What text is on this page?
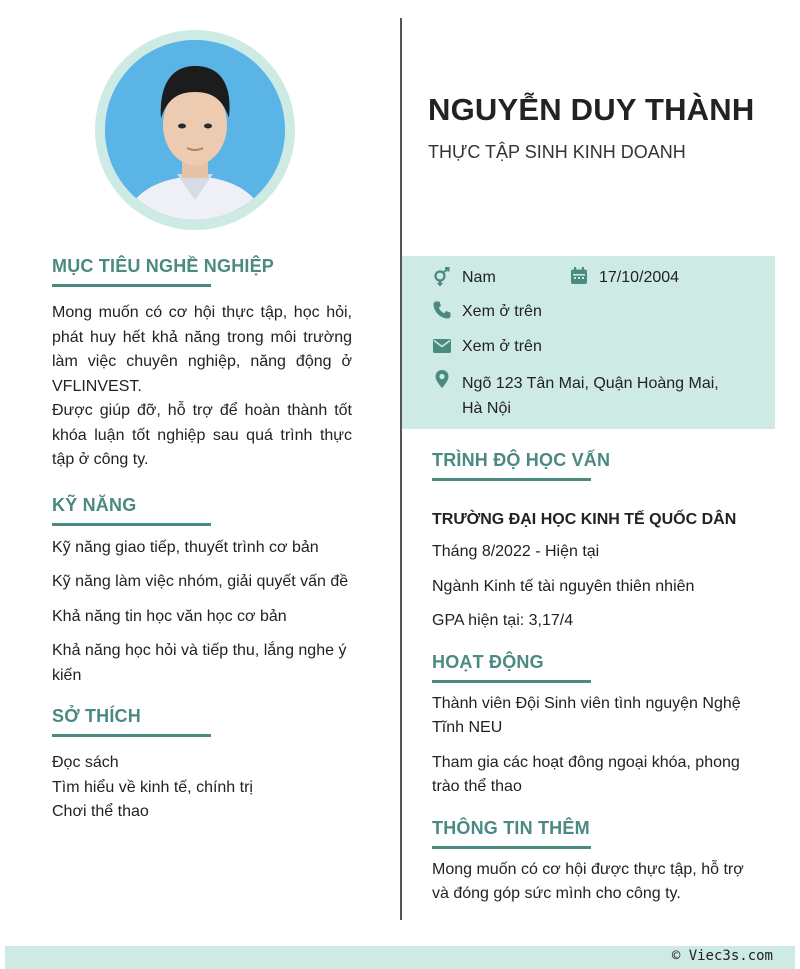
MỤC TIÊU NGHỀ NGHIỆP
Mong muốn có cơ hội thực tập, học hỏi, phát huy hết khả năng trong môi trường làm việc chuyên nghiệp, năng động ở VFLINVEST.
Được giúp đỡ, hỗ trợ để hoàn thành tốt khóa luận tốt nghiệp sau quá trình thực tập ở công ty.
KỸ NĂNG
Kỹ năng giao tiếp, thuyết trình cơ bản
Kỹ năng làm việc nhóm, giải quyết vấn đề
Khả năng tin học văn học cơ bản
Khả năng học hỏi và tiếp thu, lắng nghe ý kiến
SỞ THÍCH
Đọc sách
Tìm hiểu về kinh tế, chính trị
Chơi thể thao
NGUYỄN DUY THÀNH
THỰC TẬP SINH KINH DOANH
Nam	17/10/2004
Xem ở trên
Xem ở trên
Ngõ 123 Tân Mai, Quận Hoàng Mai,
Hà Nội
TRÌNH ĐỘ HỌC VẤN
TRƯỜNG ĐẠI HỌC KINH TẾ QUỐC DÂN
Tháng 8/2022 - Hiện tại
Ngành Kinh tế tài nguyên thiên nhiên
GPA hiện tại: 3,17/4
HOẠT ĐỘNG
Thành viên Đội Sinh viên tình nguyện Nghệ Tĩnh NEU
Tham gia các hoạt đông ngoại khóa, phong trào thể thao
THÔNG TIN THÊM
Mong muốn có cơ hội được thực tập, hỗ trợ và đóng góp sức mình cho công ty.
© Viec3s.com
